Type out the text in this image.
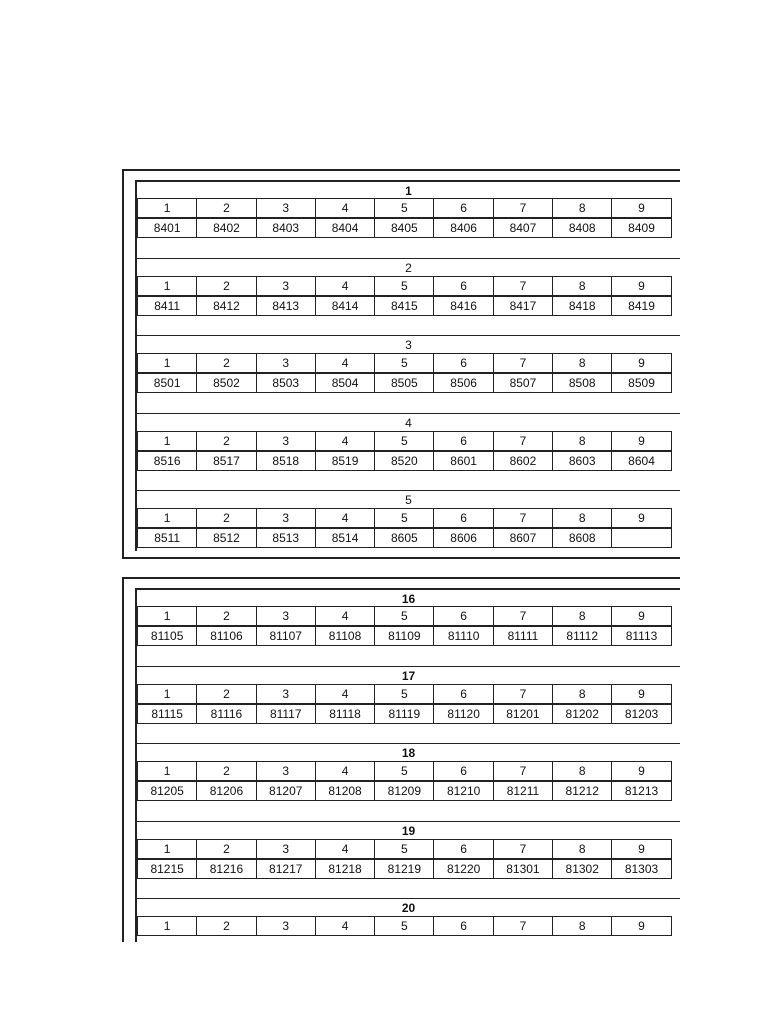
1
1	2	3	4	5	6	7	8	9
8401	8402	8403	8404	8405	8406	8407	8408	8409
2
1	2	3	4	5	6	7	8	9
8411	8412	8413	8414	8415	8416	8417	8418	8419
3
1	2	3	4	5	6	7	8	9
8501	8502	8503	8504	8505	8506	8507	8508	8509
4
1	2	3	4	5	6	7	8	9
8516	8517	8518	8519	8520	8601	8602	8603	8604
5
1	2	3	4	5	6	7	8	9
8511	8512	8513	8514	8605	8606	8607	8608
16
1	2	3	4	5	6	7	8	9
81105	81106	81107	81108	81109	81110	81111	81112	81113
17
1	2	3	4	5	6	7	8	9
81115	81116	81117	81118	81119	81120	81201	81202	81203
18
1	2	3	4	5	6	7	8	9
81205	81206	81207	81208	81209	81210	81211	81212	81213
19
1	2	3	4	5	6	7	8	9
81215	81216	81217	81218	81219	81220	81301	81302	81303
20
1	2	3	4	5	6	7	8	9
